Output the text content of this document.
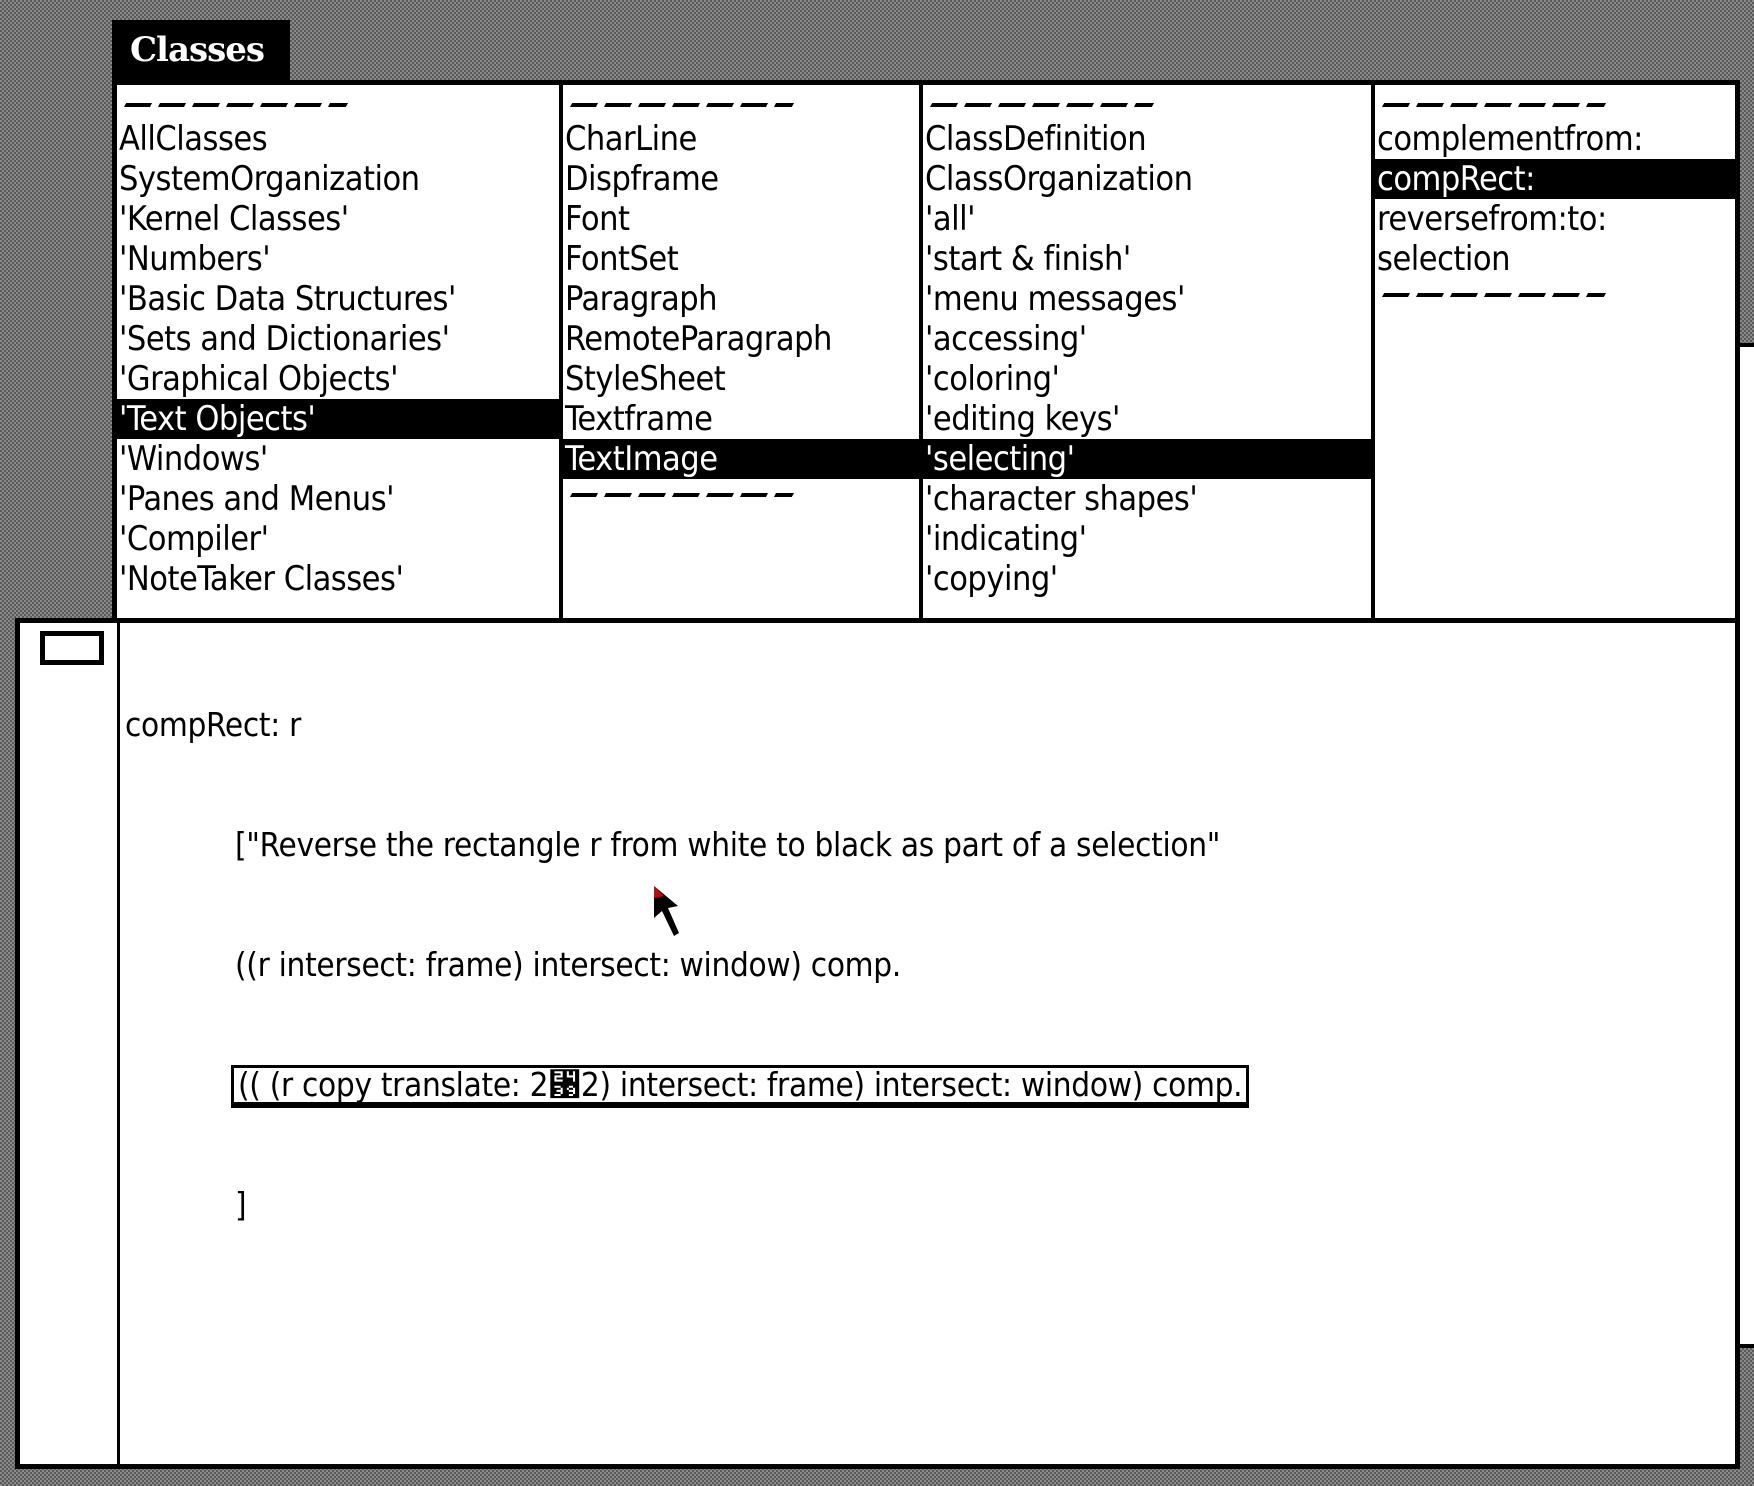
Classes
AllClasses
SystemOrganization
'Kernel Classes'
'Numbers'
'Basic Data Structures'
'Sets and Dictionaries'
'Graphical Objects'
'Text Objects'
'Windows'
'Panes and Menus'
'Compiler'
'NoteTaker Classes'
CharLine
Dispframe
Font
FontSet
Paragraph
RemoteParagraph
StyleSheet
Textframe
TextImage
ClassDefinition
ClassOrganization
'all'
'start & finish'
'menu messages'
'accessing'
'coloring'
'editing keys'
'selecting'
'character shapes'
'indicating'
'copying'
complementfrom:
compRect:
reversefrom:to:
selection

compRect: r

["Reverse the rectangle r from white to black as part of a selection"

((r intersect: frame) intersect: window) comp.

(( (r copy translate: 2␹2) intersect: frame) intersect: window) comp.

]
